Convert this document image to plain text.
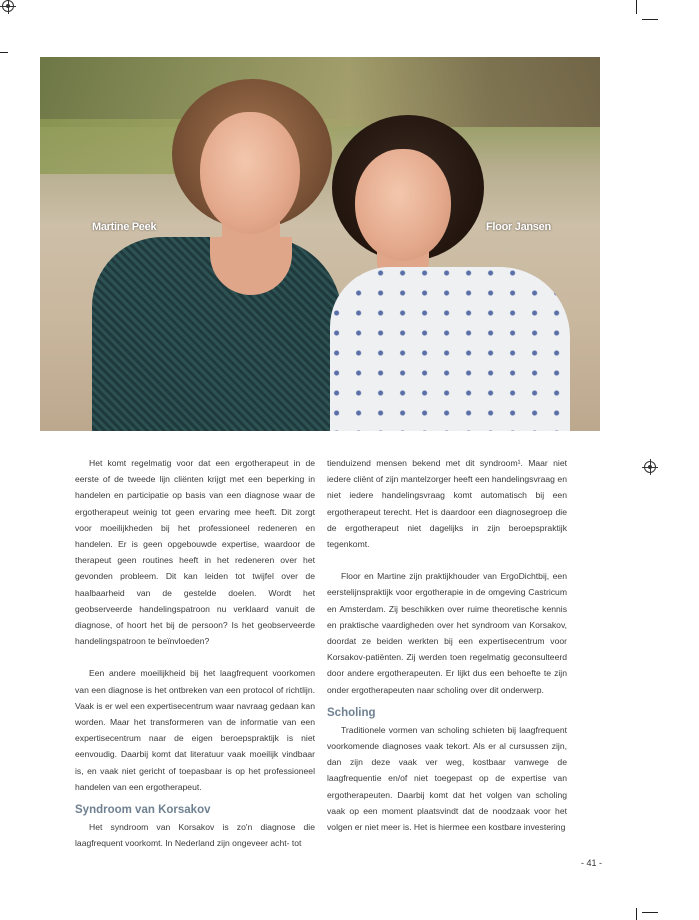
Martine Peek	Floor Jansen

Het komt regelmatig voor dat een ergotherapeut in de eerste of de tweede lijn cliënten krijgt met een beperking in handelen en participatie op basis van een diagnose waar de ergotherapeut weinig tot geen ervaring mee heeft. Dit zorgt voor moeilijkheden bij het professioneel redeneren en handelen. Er is geen opgebouwde expertise, waardoor de therapeut geen routines heeft in het redeneren over het gevonden probleem. Dit kan leiden tot twijfel over de haalbaarheid van de gestelde doelen. Wordt het geobserveerde handelingspatroon nu verklaard vanuit de diagnose, of hoort het bij de persoon? Is het geobserveerde handelingspatroon te beïnvloeden?

Een andere moeilijkheid bij het laagfrequent voorkomen van een diagnose is het ontbreken van een protocol of richtlijn. Vaak is er wel een expertisecentrum waar navraag gedaan kan worden. Maar het transformeren van de informatie van een expertisecentrum naar de eigen beroepspraktijk is niet eenvoudig. Daarbij komt dat literatuur vaak moeilijk vindbaar is, en vaak niet gericht of toepasbaar is op het professioneel handelen van een ergotherapeut.

Syndroom van Korsakov

Het syndroom van Korsakov is zo'n diagnose die laagfrequent voorkomt. In Nederland zijn ongeveer acht- tot

tienduizend mensen bekend met dit syndroom¹. Maar niet iedere cliënt of zijn mantelzorger heeft een handelingsvraag en niet iedere handelingsvraag komt automatisch bij een ergotherapeut terecht. Het is daardoor een diagnosegroep die de ergotherapeut niet dagelijks in zijn beroepspraktijk tegenkomt.

Floor en Martine zijn praktijkhouder van ErgoDichtbij, een eerstelijnspraktijk voor ergotherapie in de omgeving Castricum en Amsterdam. Zij beschikken over ruime theoretische kennis en praktische vaardigheden over het syndroom van Korsakov, doordat ze beiden werkten bij een expertisecentrum voor Korsakov-patiënten. Zij werden toen regelmatig geconsulteerd door andere ergotherapeuten. Er lijkt dus een behoefte te zijn onder ergotherapeuten naar scholing over dit onderwerp.

Scholing

Traditionele vormen van scholing schieten bij laagfrequent voorkomende diagnoses vaak tekort. Als er al cursussen zijn, dan zijn deze vaak ver weg, kostbaar vanwege de laagfrequentie en/of niet toegepast op de expertise van ergotherapeuten. Daarbij komt dat het volgen van scholing vaak op een moment plaatsvindt dat de noodzaak voor het volgen er niet meer is. Het is hiermee een kostbare investering

- 41 -
